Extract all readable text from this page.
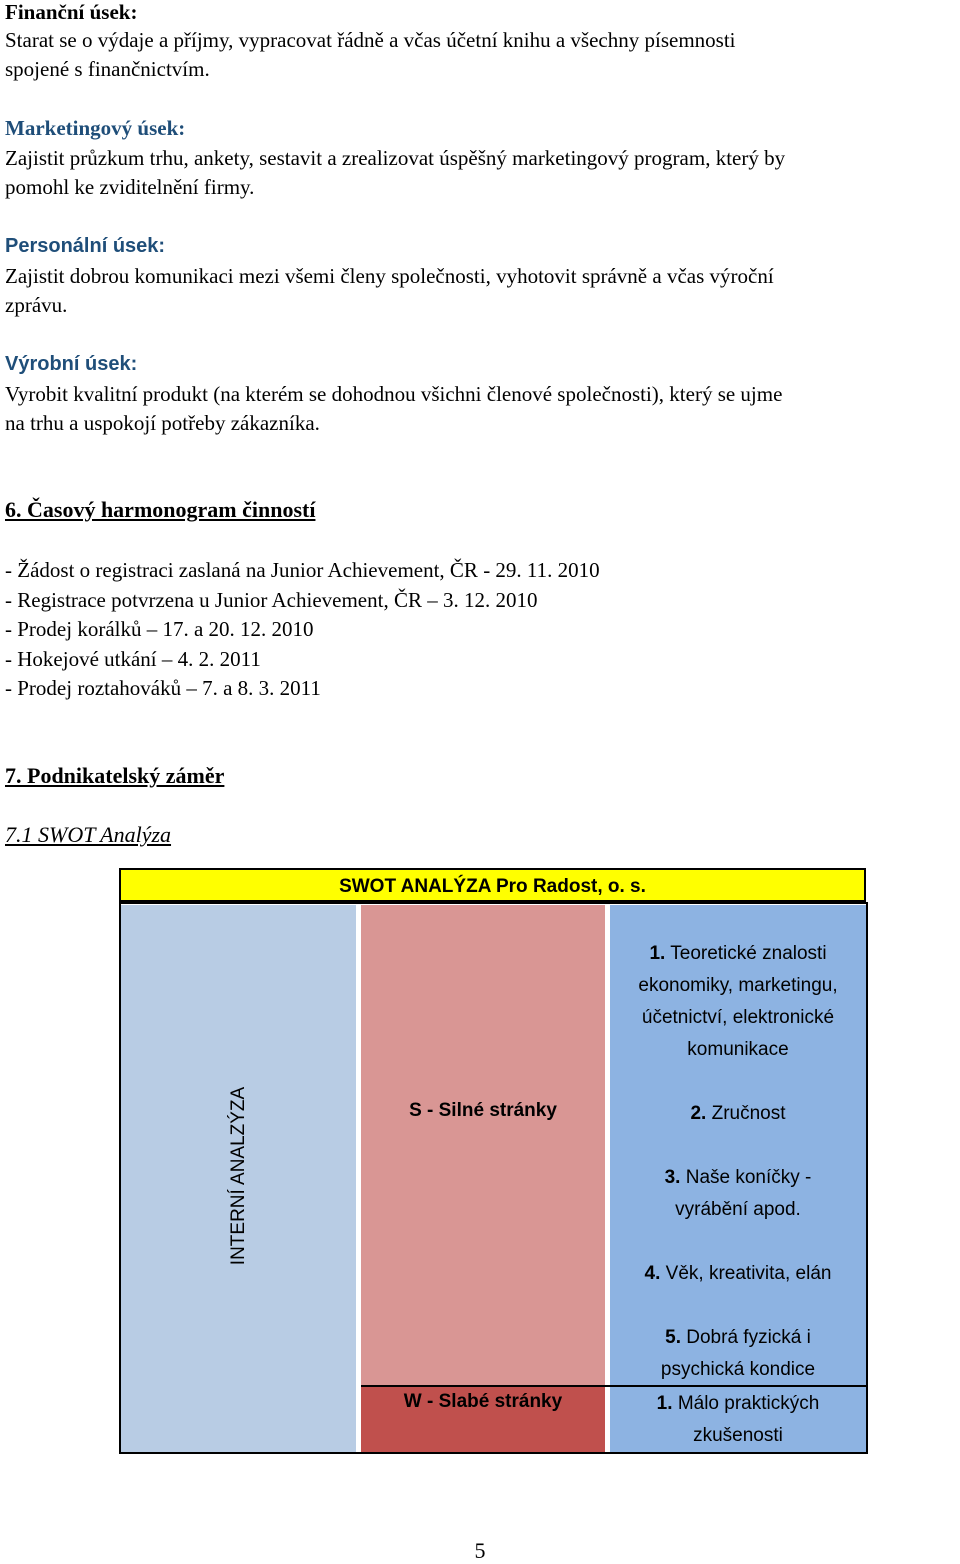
Finanční úsek:
Starat se o výdaje a příjmy, vypracovat řádně a včas účetní knihu a všechny písemnosti
spojené s finančnictvím.
Marketingový úsek:
Zajistit průzkum trhu, ankety, sestavit a zrealizovat úspěšný marketingový program, který by
pomohl ke zviditelnění firmy.
Personální úsek:
Zajistit dobrou komunikaci mezi všemi členy společnosti, vyhotovit správně a včas výroční
zprávu.
Výrobní úsek:
Vyrobit kvalitní produkt (na kterém se dohodnou všichni členové společnosti), který se ujme
na trhu a uspokojí potřeby zákazníka.
6. Časový harmonogram činností
- Žádost o registraci zaslaná na Junior Achievement, ČR - 29. 11. 2010
- Registrace potvrzena u Junior Achievement, ČR – 3. 12. 2010
- Prodej korálků – 17. a 20. 12. 2010
- Hokejové utkání – 4. 2. 2011
- Prodej roztahováků – 7. a 8. 3. 2011
7. Podnikatelský záměr
7.1 SWOT Analýza
SWOT ANALÝZA Pro Radost, o. s.
INTERNÍ ANALZÝZA	S - Silné stránky
W - Slabé stránky
1. Teoretické znalosti
ekonomiky, marketingu,
účetnictví, elektronické
komunikace
2. Zručnost
3. Naše koníčky -
vyrábění apod.
4. Věk, kreativita, elán
5. Dobrá fyzická i
psychická kondice
1. Málo praktických
zkušenosti
5
